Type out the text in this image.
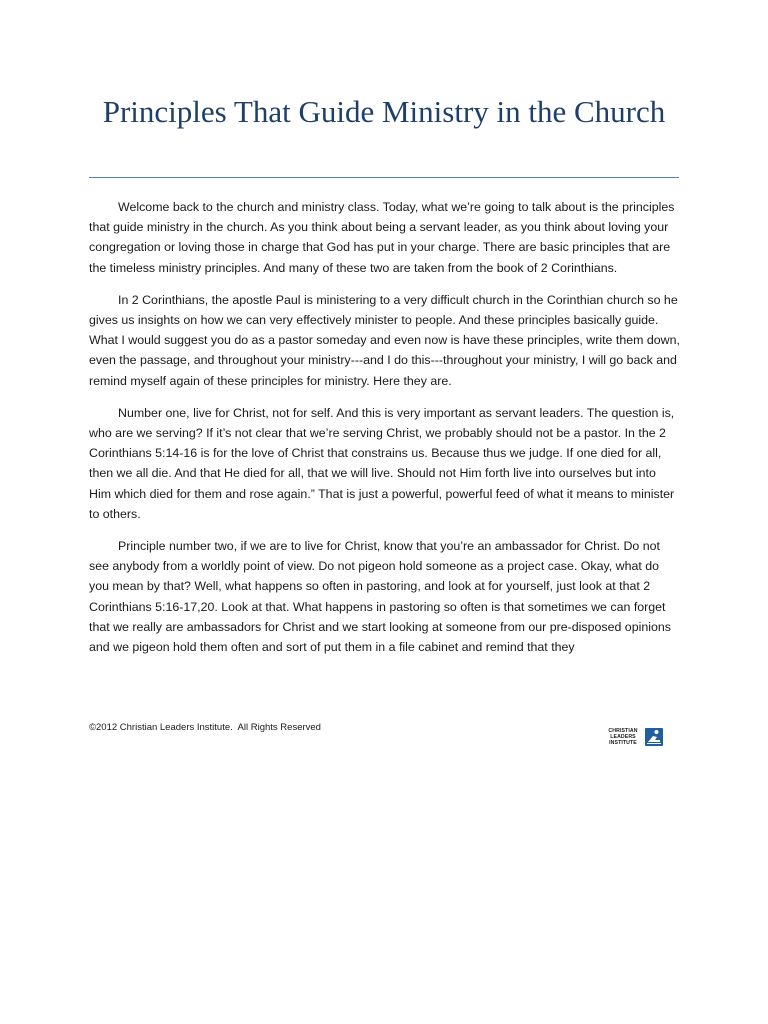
Principles That Guide Ministry in the Church

Welcome back to the church and ministry class. Today, what we’re going to talk about is the principles that guide ministry in the church. As you think about being a servant leader, as you think about loving your congregation or loving those in charge that God has put in your charge. There are basic principles that are the timeless ministry principles. And many of these two are taken from the book of 2 Corinthians.

In 2 Corinthians, the apostle Paul is ministering to a very difficult church in the Corinthian church so he gives us insights on how we can very effectively minister to people. And these principles basically guide. What I would suggest you do as a pastor someday and even now is have these principles, write them down, even the passage, and throughout your ministry---and I do this---throughout your ministry, I will go back and remind myself again of these principles for ministry. Here they are.

Number one, live for Christ, not for self. And this is very important as servant leaders. The question is, who are we serving? If it’s not clear that we’re serving Christ, we probably should not be a pastor. In the 2 Corinthians 5:14-16 is for the love of Christ that constrains us. Because thus we judge. If one died for all, then we all die. And that He died for all, that we will live. Should not Him forth live into ourselves but into Him which died for them and rose again.” That is just a powerful, powerful feed of what it means to minister to others.

Principle number two, if we are to live for Christ, know that you’re an ambassador for Christ. Do not see anybody from a worldly point of view. Do not pigeon hold someone as a project case. Okay, what do you mean by that? Well, what happens so often in pastoring, and look at for yourself, just look at that 2 Corinthians 5:16-17,20. Look at that. What happens in pastoring so often is that sometimes we can forget that we really are ambassadors for Christ and we start looking at someone from our pre-disposed opinions and we pigeon hold them often and sort of put them in a file cabinet and remind that they

©2012 Christian Leaders Institute.  All Rights Reserved	CHRISTIAN
LEADERS
INSTITUTE
